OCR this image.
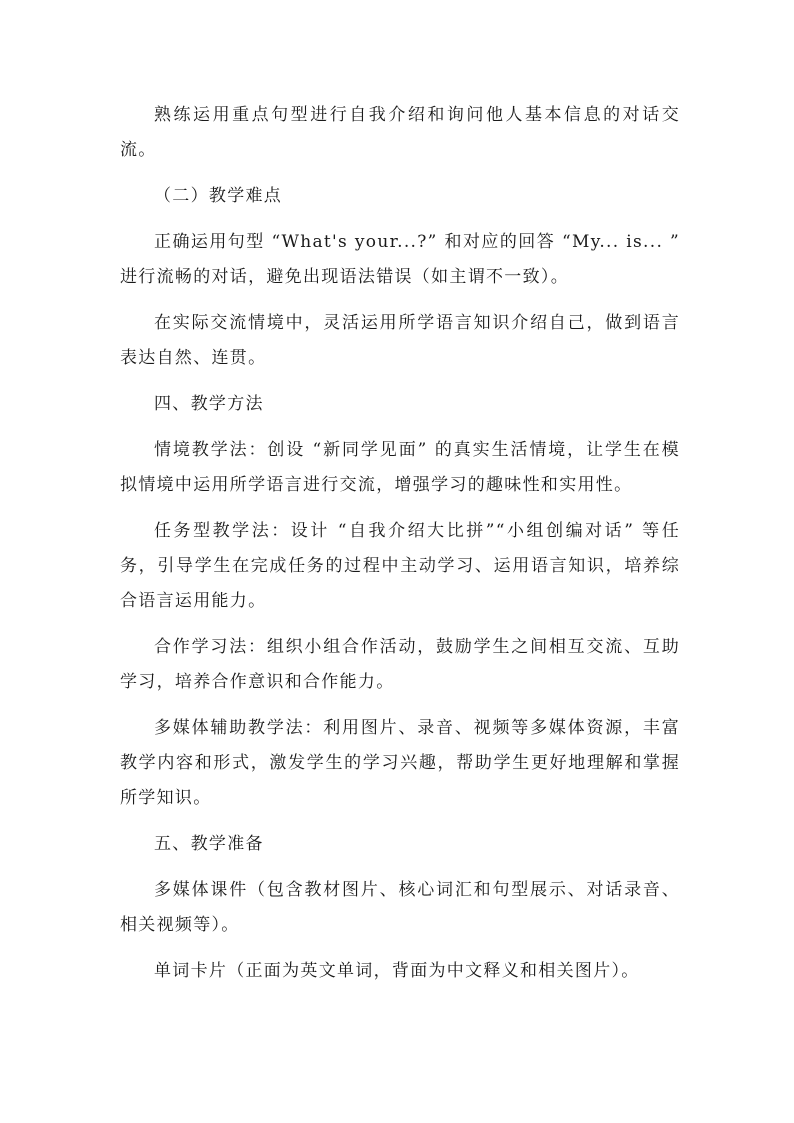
熟练运用重点句型进行自我介绍和询问他人基本信息的对话交流。

（二）教学难点

正确运用句型 “What's your...?” 和对应的回答 “My... is... ” 进行流畅的对话，避免出现语法错误（如主谓不一致）。

在实际交流情境中，灵活运用所学语言知识介绍自己，做到语言表达自然、连贯。

四、教学方法

情境教学法：创设 “新同学见面” 的真实生活情境，让学生在模拟情境中运用所学语言进行交流，增强学习的趣味性和实用性。

任务型教学法：设计 “自我介绍大比拼”“小组创编对话” 等任务，引导学生在完成任务的过程中主动学习、运用语言知识，培养综合语言运用能力。

合作学习法：组织小组合作活动，鼓励学生之间相互交流、互助学习，培养合作意识和合作能力。

多媒体辅助教学法：利用图片、录音、视频等多媒体资源，丰富教学内容和形式，激发学生的学习兴趣，帮助学生更好地理解和掌握所学知识。

五、教学准备

多媒体课件（包含教材图片、核心词汇和句型展示、对话录音、相关视频等）。

单词卡片（正面为英文单词，背面为中文释义和相关图片）。
